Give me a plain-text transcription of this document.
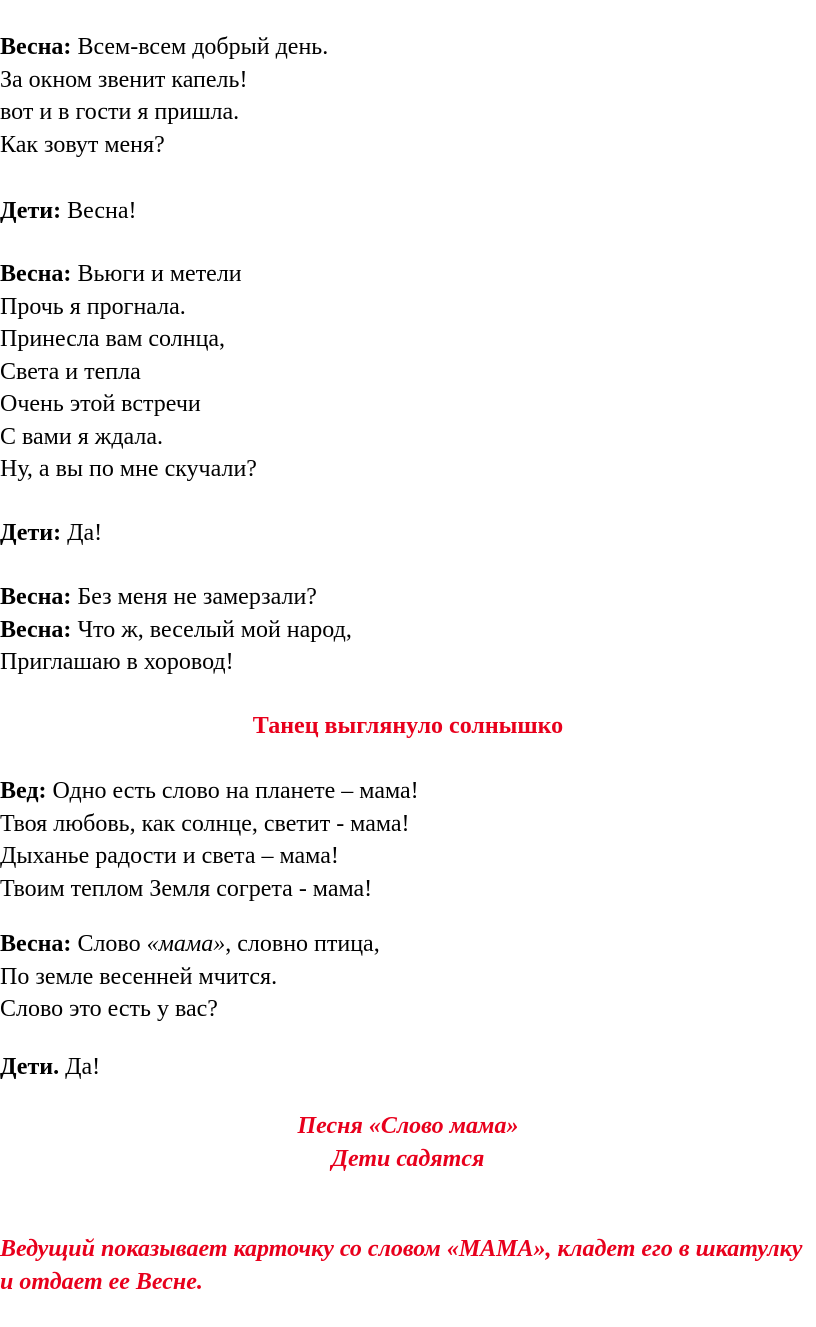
Весна: Всем-всем добрый день.
За окном звенит капель!
вот и в гости я пришла.
Как зовут меня?
Дети: Весна!
Весна: Вьюги и метели
Прочь я прогнала.
Принесла вам солнца,
Света и тепла
Очень этой встречи
С вами я ждала.
Ну, а вы по мне скучали?
Дети: Да!
Весна: Без меня не замерзали?
Весна: Что ж, веселый мой народ,
Приглашаю в хоровод!
Танец выглянуло солнышко
Вед: Одно есть слово на планете – мама!
Твоя любовь, как солнце, светит - мама!
Дыханье радости и света – мама!
Твоим теплом Земля согрета - мама!
Весна: Слово «мама», словно птица,
По земле весенней мчится.
Слово это есть у вас?
Дети. Да!
Песня «Слово мама»
Дети садятся
Ведущий показывает карточку со словом «МАМА», кладет его в шкатулку и отдает ее Весне.
